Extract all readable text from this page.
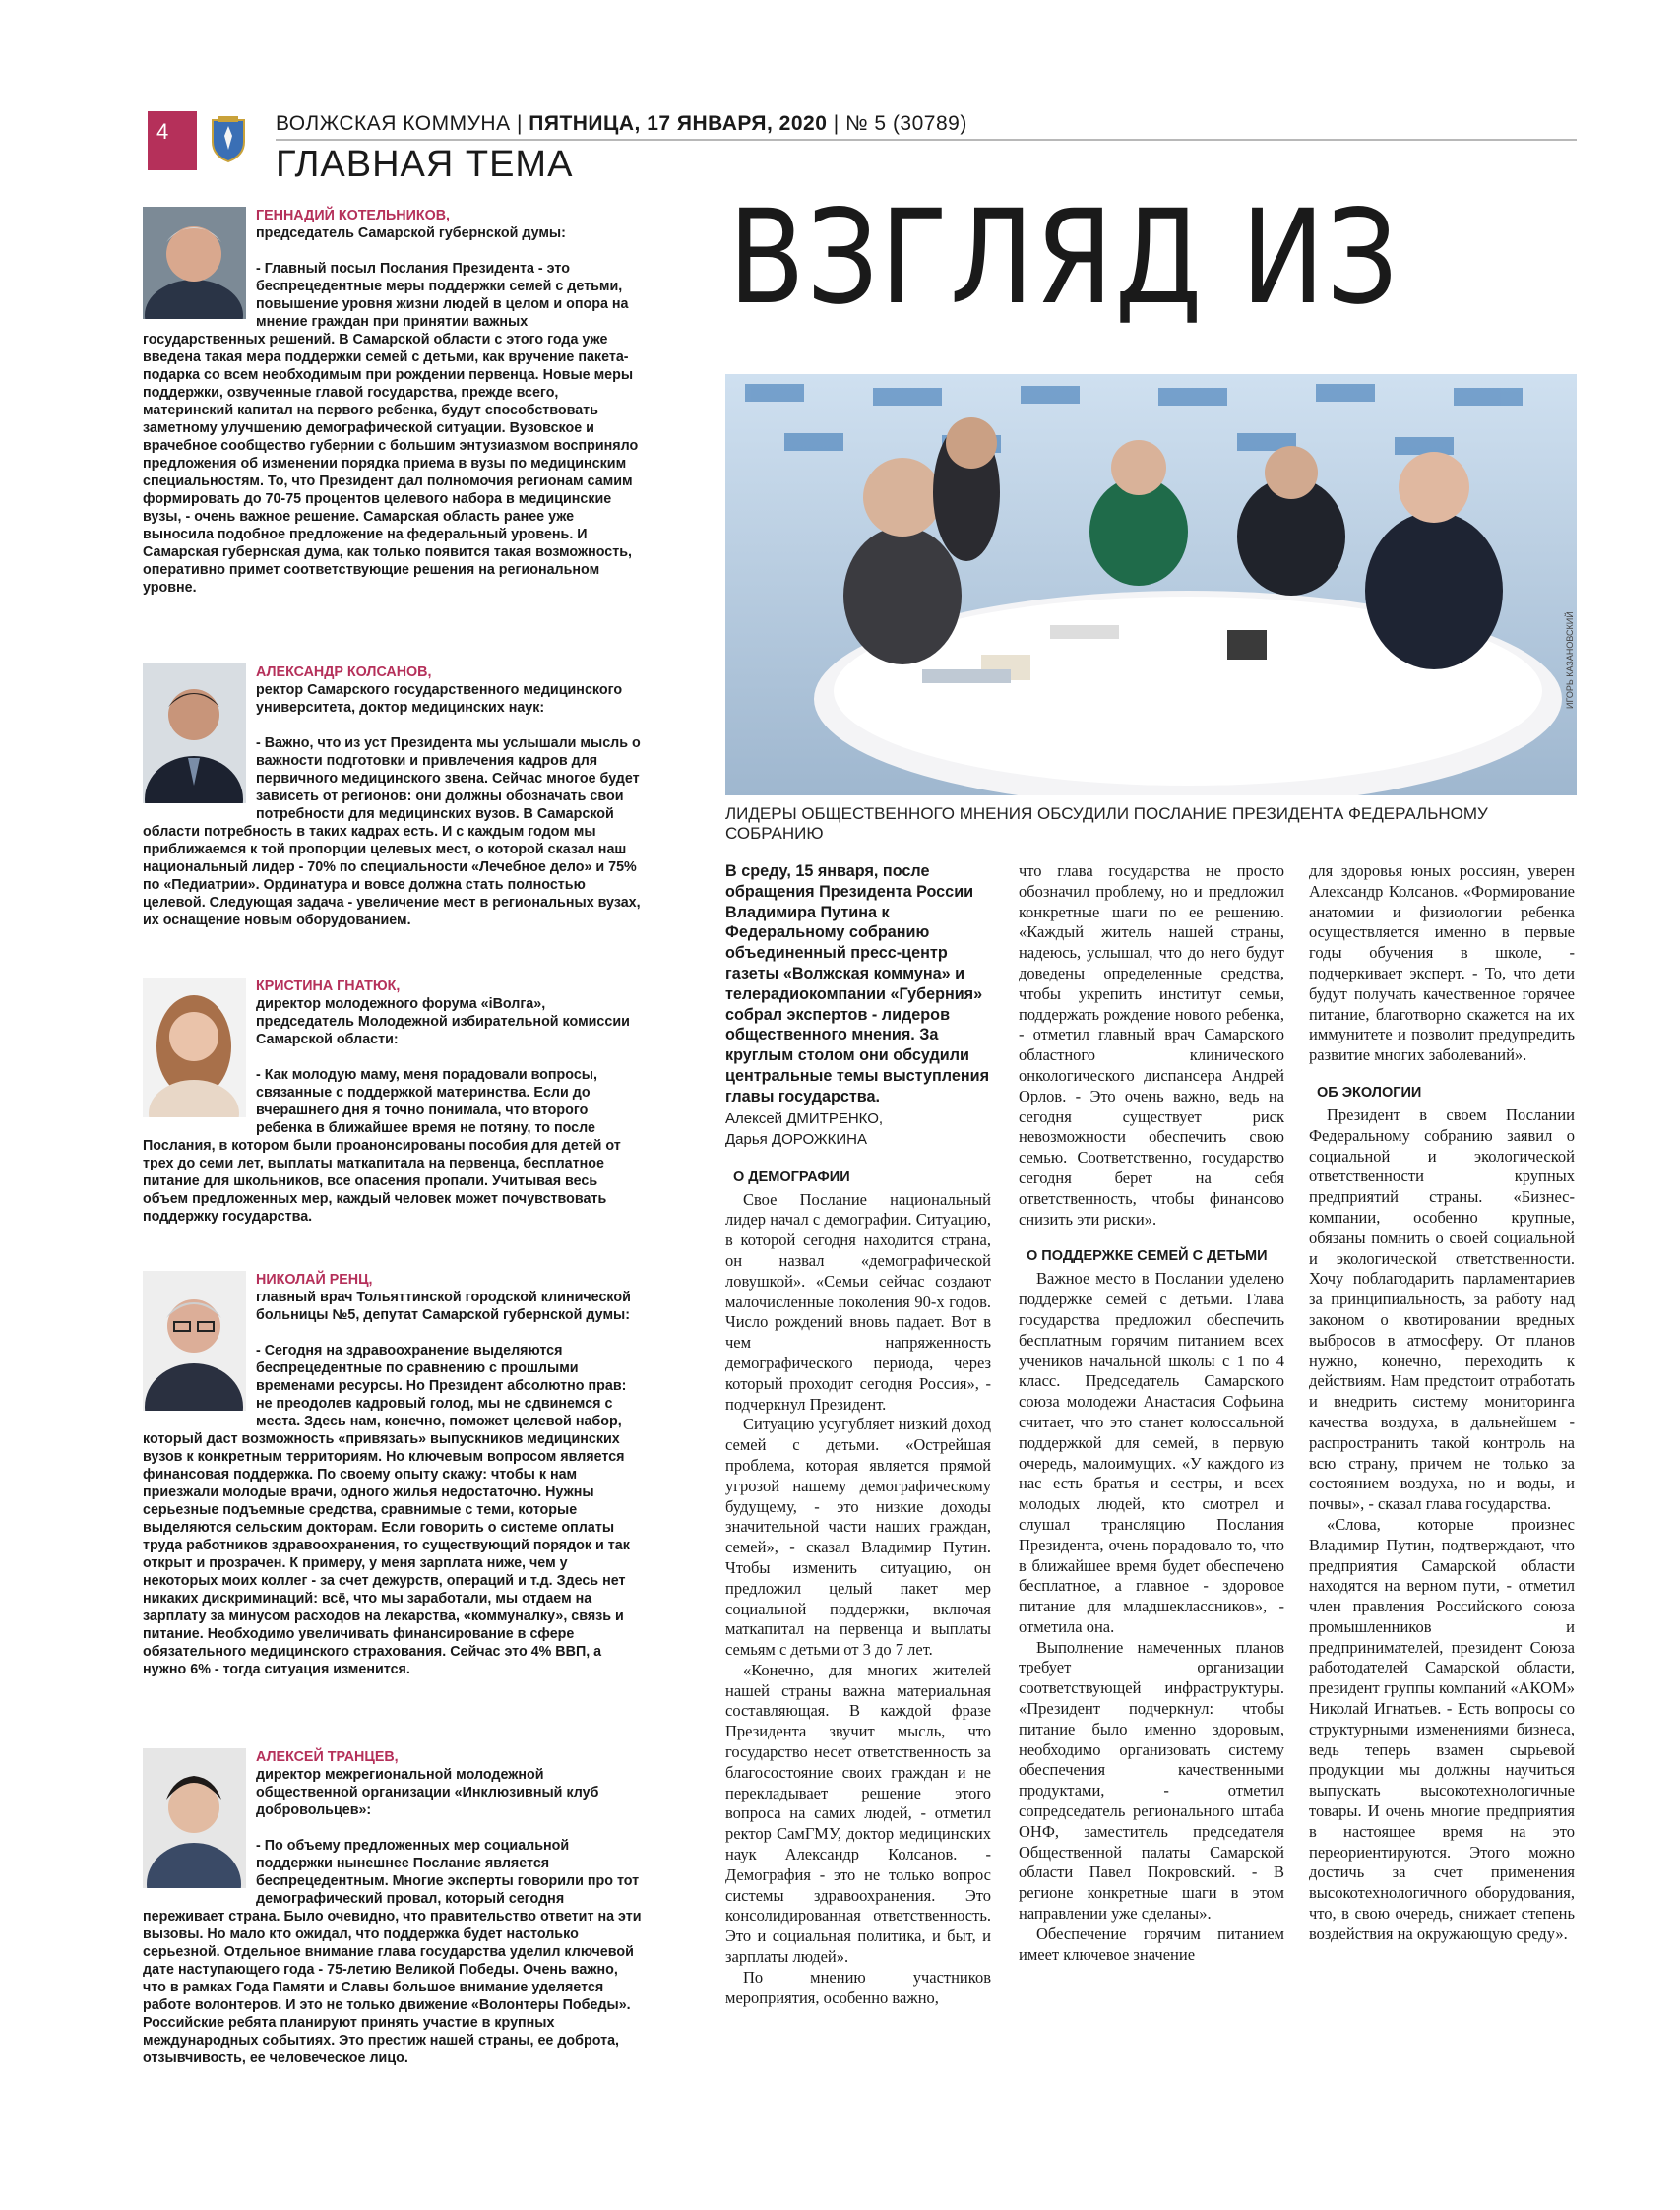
4	ВОЛЖСКАЯ КОММУНА | ПЯТНИЦА, 17 ЯНВАРЯ, 2020 | № 5 (30789)
ГЛАВНАЯ ТЕМА
ВЗГЛЯД ИЗ
ИГОРЬ КАЗАНОВСКИЙ
ЛИДЕРЫ ОБЩЕСТВЕННОГО МНЕНИЯ ОБСУДИЛИ ПОСЛАНИЕ ПРЕЗИДЕНТА ФЕДЕРАЛЬНОМУ СОБРАНИЮ
ГЕННАДИЙ КОТЕЛЬНИКОВ,
председатель Самарской губернской думы:
- Главный посыл Послания Президента - это беспрецедентные меры поддержки семей с детьми, повышение уровня жизни людей в целом и опора на мнение граждан при принятии важных государственных решений. В Самарской области с этого года уже введена такая мера поддержки семей с детьми, как вручение пакета-подарка со всем необходимым при рождении первенца. Новые меры поддержки, озвученные главой государства, прежде всего, материнский капитал на первого ребенка, будут способствовать заметному улучшению демографической ситуации. Вузовское и врачебное сообщество губернии с большим энтузиазмом восприняло предложения об изменении порядка приема в вузы по медицинским специальностям. То, что Президент дал полномочия регионам самим формировать до 70-75 процентов целевого набора в медицинские вузы, - очень важное решение. Самарская область ранее уже выносила подобное предложение на федеральный уровень. И Самарская губернская дума, как только появится такая возможность, оперативно примет соответствующие решения на региональном уровне.
АЛЕКСАНДР КОЛСАНОВ,
ректор Самарского государственного медицинского университета, доктор медицинских наук:
- Важно, что из уст Президента мы услышали мысль о важности подготовки и привлечения кадров для первичного медицинского звена. Сейчас многое будет зависеть от регионов: они должны обозначать свои потребности для медицинских вузов. В Самарской области потребность в таких кадрах есть. И с каждым годом мы приближаемся к той пропорции целевых мест, о которой сказал наш национальный лидер - 70% по специальности «Лечебное дело» и 75% по «Педиатрии». Ординатура и вовсе должна стать полностью целевой. Следующая задача - увеличение мест в региональных вузах, их оснащение новым оборудованием.
КРИСТИНА ГНАТЮК,
директор молодежного форума «iВолга», председатель Молодежной избирательной комиссии Самарской области:
- Как молодую маму, меня порадовали вопросы, связанные с поддержкой материнства. Если до вчерашнего дня я точно понимала, что второго ребенка в ближайшее время не потяну, то после Послания, в котором были проанонсированы пособия для детей от трех до семи лет, выплаты маткапитала на первенца, бесплатное питание для школьников, все опасения пропали. Учитывая весь объем предложенных мер, каждый человек может почувствовать поддержку государства.
НИКОЛАЙ РЕНЦ,
главный врач Тольяттинской городской клинической больницы №5, депутат Самарской губернской думы:
- Сегодня на здравоохранение выделяются беспрецедентные по сравнению с прошлыми временами ресурсы. Но Президент абсолютно прав: не преодолев кадровый голод, мы не сдвинемся с места. Здесь нам, конечно, поможет целевой набор, который даст возможность «привязать» выпускников медицинских вузов к конкретным территориям. Но ключевым вопросом является финансовая поддержка. По своему опыту скажу: чтобы к нам приезжали молодые врачи, одного жилья недостаточно. Нужны серьезные подъемные средства, сравнимые с теми, которые выделяются сельским докторам. Если говорить о системе оплаты труда работников здравоохранения, то существующий порядок и так открыт и прозрачен. К примеру, у меня зарплата ниже, чем у некоторых моих коллег - за счет дежурств, операций и т.д. Здесь нет никаких дискриминаций: всё, что мы заработали, мы отдаем на зарплату за минусом расходов на лекарства, «коммуналку», связь и питание. Необходимо увеличивать финансирование в сфере обязательного медицинского страхования. Сейчас это 4% ВВП, а нужно 6% - тогда ситуация изменится.
АЛЕКСЕЙ ТРАНЦЕВ,
директор межрегиональной молодежной общественной организации «Инклюзивный клуб добровольцев»:
- По объему предложенных мер социальной поддержки нынешнее Послание является беспрецедентным. Многие эксперты говорили про тот демографический провал, который сегодня переживает страна. Было очевидно, что правительство ответит на эти вызовы. Но мало кто ожидал, что поддержка будет настолько серьезной. Отдельное внимание глава государства уделил ключевой дате наступающего года - 75-летию Великой Победы. Очень важно, что в рамках Года Памяти и Славы большое внимание уделяется работе волонтеров. И это не только движение «Волонтеры Победы». Российские ребята планируют принять участие в крупных международных событиях. Это престиж нашей страны, ее доброта, отзывчивость, ее человеческое лицо.

В среду, 15 января, после обращения Президента России Владимира Путина к Федеральному собранию объединенный пресс-центр газеты «Волжская коммуна» и телерадиокомпании «Губерния» собрал экспертов - лидеров общественного мнения. За круглым столом они обсудили центральные темы выступления главы государства.

Алексей ДМИТРЕНКО,

Дарья ДОРОЖКИНА

О ДЕМОГРАФИИ

Свое Послание национальный лидер начал с демографии. Ситуацию, в которой сегодня находится страна, он назвал «демографической ловушкой». «Семьи сейчас создают малочисленные поколения 90-х годов. Число рождений вновь падает. Вот в чем напряженность демографического периода, через который проходит сегодня Россия», - подчеркнул Президент.

Ситуацию усугубляет низкий доход семей с детьми. «Острейшая проблема, которая является прямой угрозой нашему демографическому будущему, - это низкие доходы значительной части наших граждан, семей», - сказал Владимир Путин. Чтобы изменить ситуацию, он предложил целый пакет мер социальной поддержки, включая маткапитал на первенца и выплаты семьям с детьми от 3 до 7 лет.

«Конечно, для многих жителей нашей страны важна материальная составляющая. В каждой фразе Президента звучит мысль, что государство несет ответственность за благосостояние своих граждан и не перекладывает решение этого вопроса на самих людей, - отметил ректор СамГМУ, доктор медицинских наук Александр Колсанов. - Демография - это не только вопрос системы здравоохранения. Это консолидированная ответственность. Это и социальная политика, и быт, и зарплаты людей».

По мнению участников мероприятия, особенно важно,

что глава государства не просто обозначил проблему, но и предложил конкретные шаги по ее решению. «Каждый житель нашей страны, надеюсь, услышал, что до него будут доведены определенные средства, чтобы укрепить институт семьи, поддержать рождение нового ребенка, - отметил главный врач Самарского областного клинического онкологического диспансера Андрей Орлов. - Это очень важно, ведь на сегодня существует риск невозможности обеспечить свою семью. Соответственно, государство сегодня берет на себя ответственность, чтобы финансово снизить эти риски».

О ПОДДЕРЖКЕ СЕМЕЙ С ДЕТЬМИ

Важное место в Послании уделено поддержке семей с детьми. Глава государства предложил обеспечить бесплатным горячим питанием всех учеников начальной школы с 1 по 4 класс. Председатель Самарского союза молодежи Анастасия Софьина считает, что это станет колоссальной поддержкой для семей, в первую очередь, малоимущих. «У каждого из нас есть братья и сестры, и всех молодых людей, кто смотрел и слушал трансляцию Послания Президента, очень порадовало то, что в ближайшее время будет обеспечено бесплатное, а главное - здоровое питание для младшеклассников», - отметила она.

Выполнение намеченных планов требует организации соответствующей инфраструктуры. «Президент подчеркнул: чтобы питание было именно здоровым, необходимо организовать систему обеспечения качественными продуктами, - отметил сопредседатель регионального штаба ОНФ, заместитель председателя Общественной палаты Самарской области Павел Покровский. - В регионе конкретные шаги в этом направлении уже сделаны».

Обеспечение горячим питанием имеет ключевое значение

для здоровья юных россиян, уверен Александр Колсанов. «Формирование анатомии и физиологии ребенка осуществляется именно в первые годы обучения в школе, - подчеркивает эксперт. - То, что дети будут получать качественное горячее питание, благотворно скажется на их иммунитете и позволит предупредить развитие многих заболеваний».

ОБ ЭКОЛОГИИ

Президент в своем Послании Федеральному собранию заявил о социальной и экологической ответственности крупных предприятий страны. «Бизнес-компании, особенно крупные, обязаны помнить о своей социальной и экологической ответственности. Хочу поблагодарить парламентариев за принципиальность, за работу над законом о квотировании вредных выбросов в атмосферу. От планов нужно, конечно, переходить к действиям. Нам предстоит отработать и внедрить систему мониторинга качества воздуха, в дальнейшем - распространить такой контроль на всю страну, причем не только за состоянием воздуха, но и воды, и почвы», - сказал глава государства.

«Слова, которые произнес Владимир Путин, подтверждают, что предприятия Самарской области находятся на верном пути, - отметил член правления Российского союза промышленников и предпринимателей, президент Союза работодателей Самарской области, президент группы компаний «АКОМ» Николай Игнатьев. - Есть вопросы со структурными изменениями бизнеса, ведь теперь взамен сырьевой продукции мы должны научиться выпускать высокотехнологичные товары. И очень многие предприятия в настоящее время на это переориентируются. Этого можно достичь за счет применения высокотехнологичного оборудования, что, в свою очередь, снижает степень воздействия на окружающую среду».
